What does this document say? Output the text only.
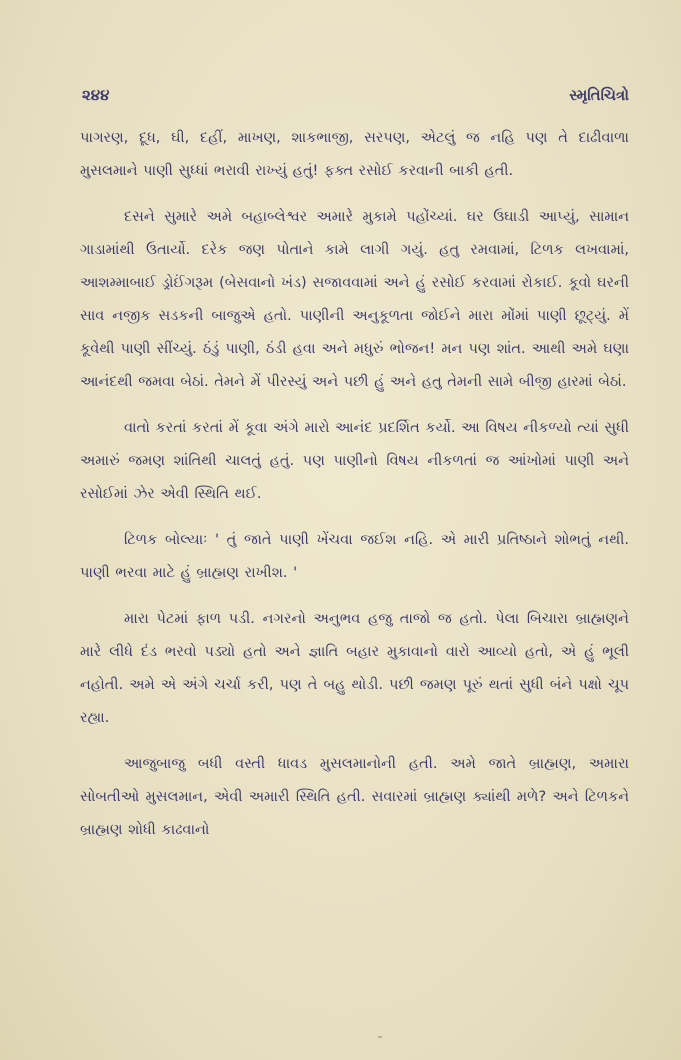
૨૪૪	સ્મૃતિચિત્રો

પાગરણ, દૂધ, ઘી, દહીં, માખણ, શાકભાજી, સરપણ, એટલું જ નહિ પણ તે દાઢીવાળા મુસલમાને પાણી સુધ્ધાં ભરાવી રાખ્યું હતું! ફક્ત રસોઈ કરવાની બાકી હતી.

દસને સુમારે અમે બહાબ્લેશ્વર અમારે મુકામે પહોંચ્યાં. ઘર ઉઘાડી આપ્યું, સામાન ગાડામાંથી ઉતાર્યો. દરેક જણ પોતાને કામે લાગી ગયું. હતુ રમવામાં, ટિળક લખવામાં, આશમ્માબાઈ ડ્રોઈંગરૂમ (બેસવાનો ખંડ) સજાવવામાં અને હું રસોઈ કરવામાં રોકાઈ. કૂવો ઘરની સાવ નજીક સડકની બાજુએ હતો. પાણીની અનુકૂળતા જોઈને મારા મોંમાં પાણી છૂટ્યું. મેં કૂવેથી પાણી સીંચ્યું. ઠંડું પાણી, ઠંડી હવા અને મધુરું ભોજન! મન પણ શાંત. આથી અમે ઘણા આનંદથી જમવા બેઠાં. તેમને મેં પીરસ્યું અને પછી હું અને હતુ તેમની સામે બીજી હારમાં બેઠાં.

વાતો કરતાં કરતાં મેં કૂવા અંગે મારો આનંદ પ્રદર્શિત કર્યો. આ વિષય નીકળ્યો ત્યાં સુધી અમારું જમણ શાંતિથી ચાલતું હતું. પણ પાણીનો વિષય નીકળતાં જ આંખોમાં પાણી અને રસોઈમાં ઝેર એવી સ્થિતિ થઈ.

ટિળક બોલ્યાઃ ' તું જાતે પાણી ખેંચવા જઈશ નહિ. એ મારી પ્રતિષ્ઠાને શોભતું નથી. પાણી ભરવા માટે હું બ્રાહ્મણ રાખીશ. '

મારા પેટમાં ફાળ પડી. નગરનો અનુભવ હજુ તાજો જ હતો. પેલા બિચારા બ્રાહ્મણને મારે લીધે દંડ ભરવો પડ્યો હતો અને જ્ઞાતિ બહાર મુકાવાનો વારો આવ્યો હતો, એ હું ભૂલી નહોતી. અમે એ અંગે ચર્ચા કરી, પણ તે બહુ થોડી. પછી જમણ પૂરું થતાં સુધી બંને પક્ષો ચૂપ રહ્યા.

આજુબાજુ બધી વસ્તી ધાવડ મુસલમાનોની હતી. અમે જાતે બ્રાહ્મણ, અમારા સોબતીઓ મુસલમાન, એવી અમારી સ્થિતિ હતી. સવારમાં બ્રાહ્મણ ક્યાંથી મળે? અને ટિળકને બ્રાહ્મણ શોધી કાઢવાનો
